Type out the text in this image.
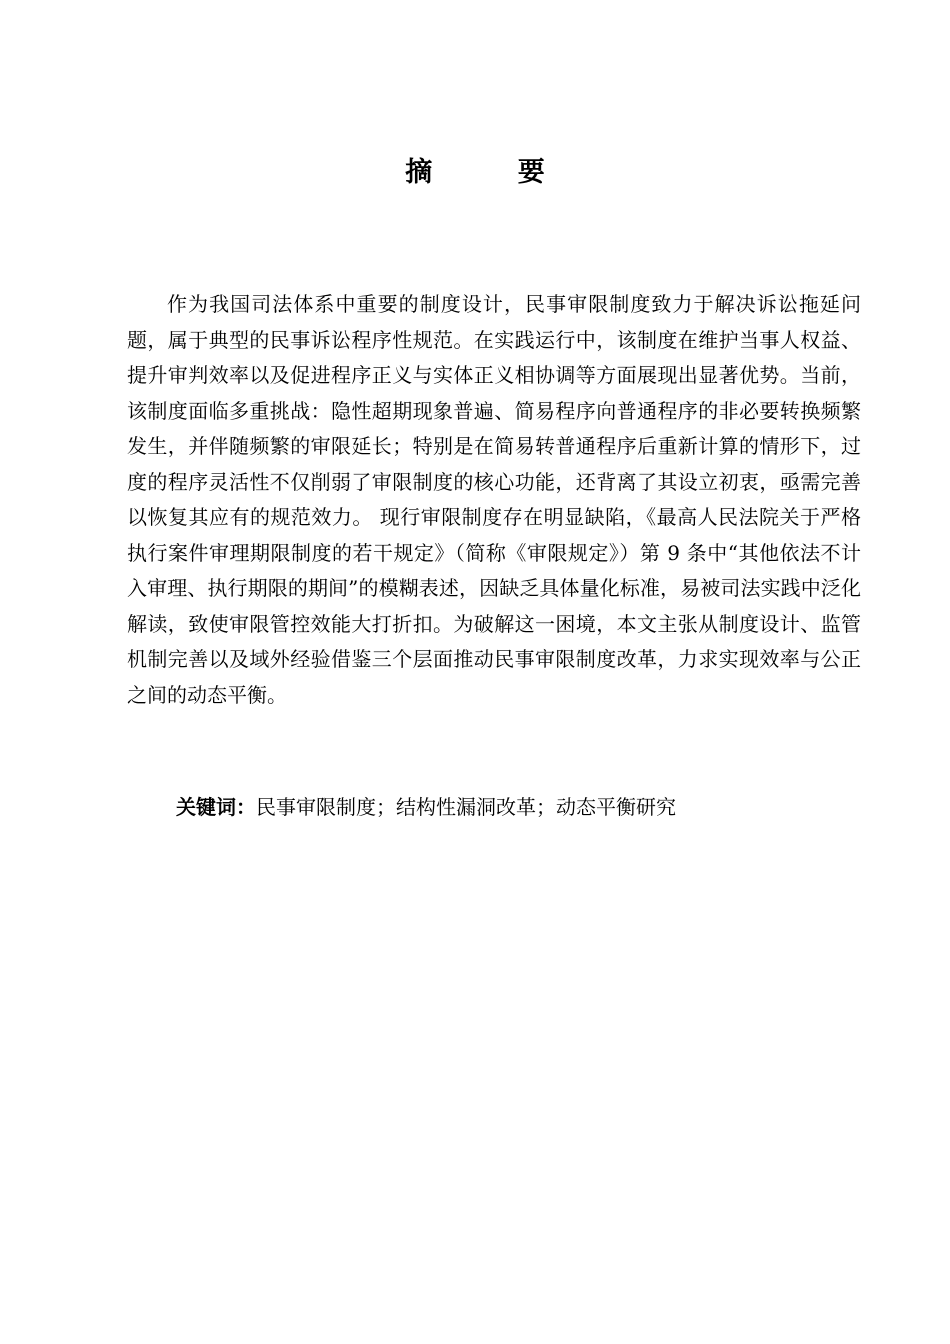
摘 要

作为我国司法体系中重要的制度设计，民事审限制度致力于解决诉讼拖延问题，属于典型的民事诉讼程序性规范。在实践运行中，该制度在维护当事人权益、提升审判效率以及促进程序正义与实体正义相协调等方面展现出显著优势。当前，该制度面临多重挑战：隐性超期现象普遍、简易程序向普通程序的非必要转换频繁发生，并伴随频繁的审限延长；特别是在简易转普通程序后重新计算的情形下，过度的程序灵活性不仅削弱了审限制度的核心功能，还背离了其设立初衷，亟需完善以恢复其应有的规范效力。 现行审限制度存在明显缺陷，《最高人民法院关于严格执行案件审理期限制度的若干规定》（简称《审限规定》）第 9 条中“其他依法不计入审理、执行期限的期间”的模糊表述，因缺乏具体量化标准，易被司法实践中泛化解读，致使审限管控效能大打折扣。为破解这一困境，本文主张从制度设计、监管机制完善以及域外经验借鉴三个层面推动民事审限制度改革，力求实现效率与公正之间的动态平衡。

关键词：民事审限制度；结构性漏洞改革；动态平衡研究
